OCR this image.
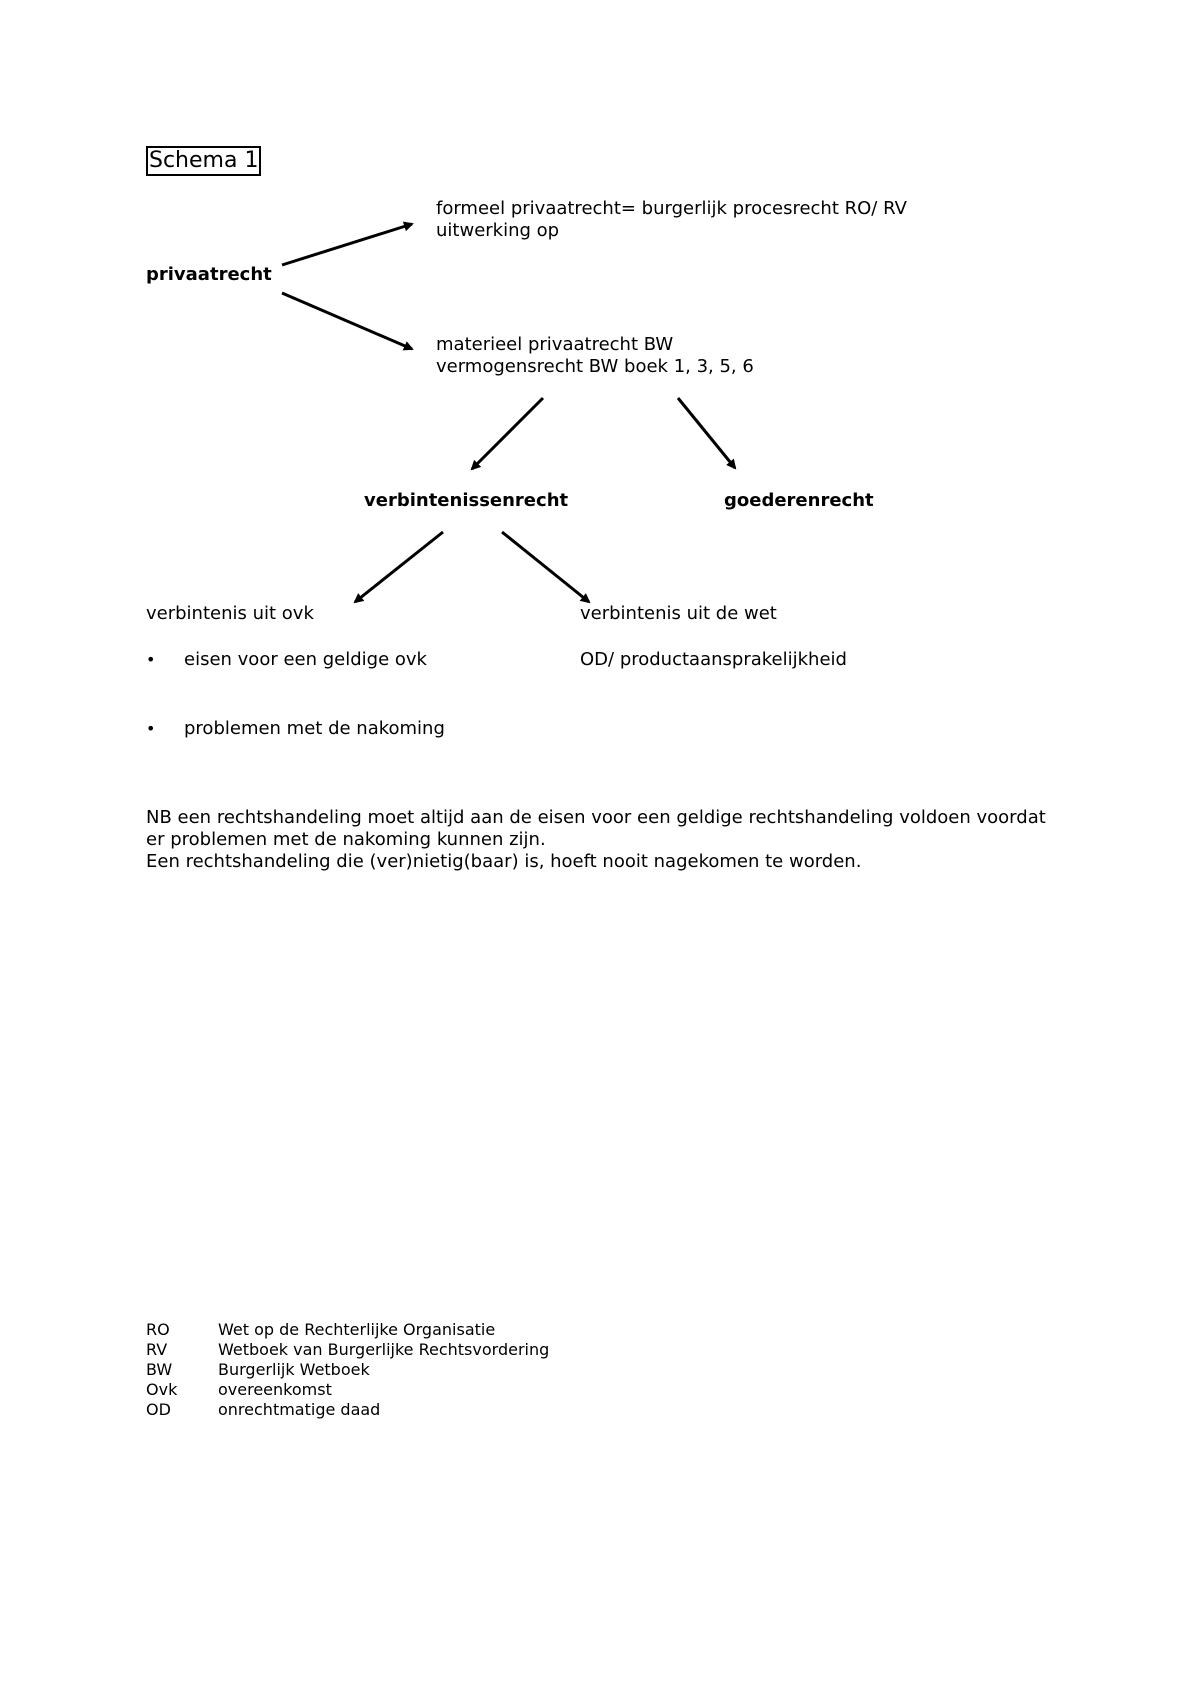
Schema 1
formeel privaatrecht= burgerlijk procesrecht RO/ RV
uitwerking op
privaatrecht
materieel privaatrecht BW
vermogensrecht BW boek 1, 3, 5, 6
verbintenissenrecht	goederenrecht
verbintenis uit ovk	verbintenis uit de wet
• eisen voor een geldige ovk	OD/ productaansprakelijkheid
• problemen met de nakoming
NB een rechtshandeling moet altijd aan de eisen voor een geldige rechtshandeling voldoen voordat
er problemen met de nakoming kunnen zijn.
Een rechtshandeling die (ver)nietig(baar) is, hoeft nooit nagekomen te worden.
RO	Wet op de Rechterlijke Organisatie
RV	Wetboek van Burgerlijke Rechtsvordering
BW	Burgerlijk Wetboek
Ovk	overeenkomst
OD	onrechtmatige daad
